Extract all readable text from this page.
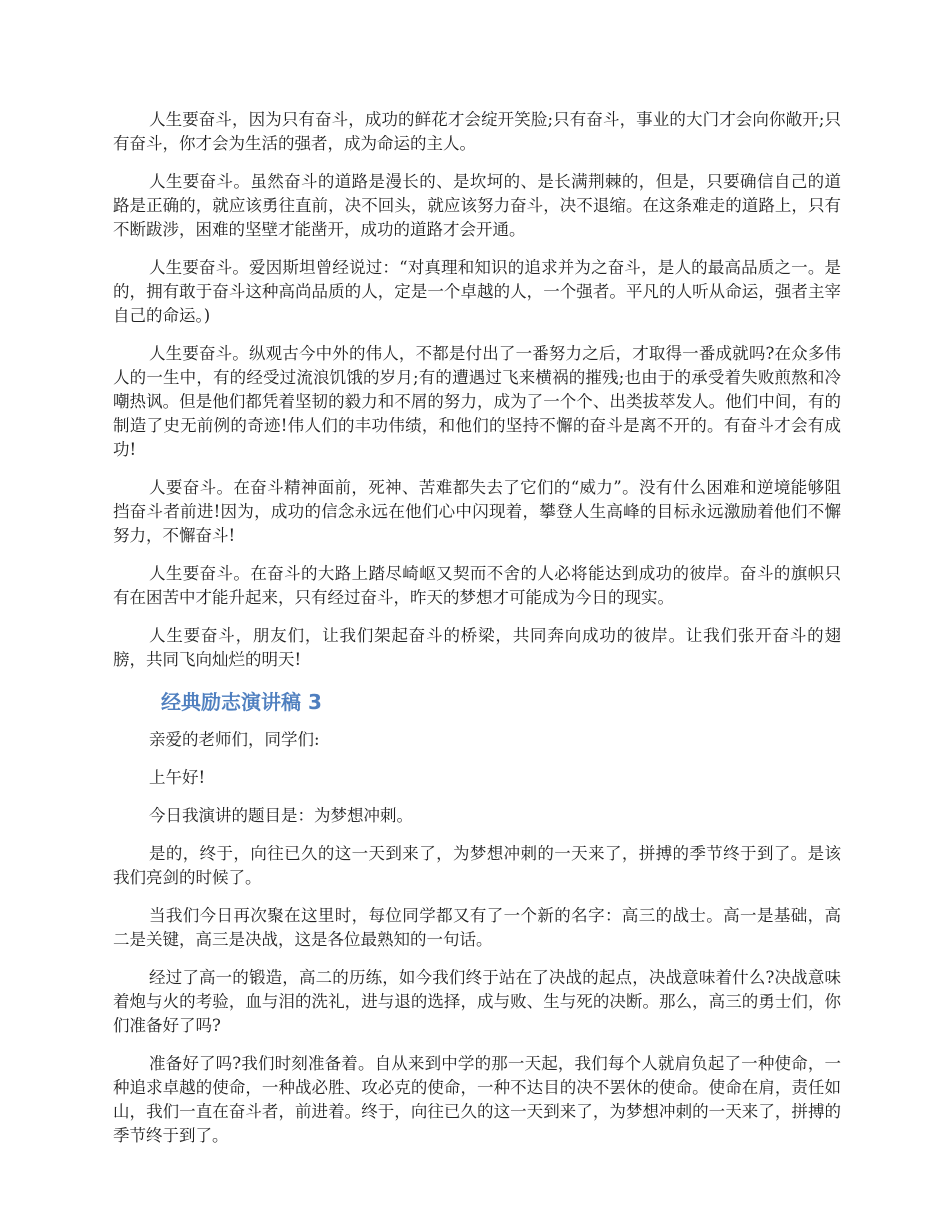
人生要奋斗，因为只有奋斗，成功的鲜花才会绽开笑脸;只有奋斗，事业的大门才会向你敞开;只有奋斗，你才会为生活的强者，成为命运的主人。

人生要奋斗。虽然奋斗的道路是漫长的、是坎坷的、是长满荆棘的，但是，只要确信自己的道路是正确的，就应该勇往直前，决不回头，就应该努力奋斗，决不退缩。在这条难走的道路上，只有不断跋涉，困难的坚壁才能凿开，成功的道路才会开通。

人生要奋斗。爱因斯坦曾经说过：“对真理和知识的追求并为之奋斗，是人的最高品质之一。是的，拥有敢于奋斗这种高尚品质的人，定是一个卓越的人，一个强者。平凡的人听从命运，强者主宰自己的命运。)

人生要奋斗。纵观古今中外的伟人，不都是付出了一番努力之后，才取得一番成就吗?在众多伟人的一生中，有的经受过流浪饥饿的岁月;有的遭遇过飞来横祸的摧残;也由于的承受着失败煎熬和冷嘲热讽。但是他们都凭着坚韧的毅力和不屑的努力，成为了一个个、出类拔萃发人。他们中间，有的制造了史无前例的奇迹!伟人们的丰功伟绩，和他们的坚持不懈的奋斗是离不开的。有奋斗才会有成功!

人要奋斗。在奋斗精神面前，死神、苦难都失去了它们的“威力”。没有什么困难和逆境能够阻挡奋斗者前进!因为，成功的信念永远在他们心中闪现着，攀登人生高峰的目标永远激励着他们不懈努力，不懈奋斗!

人生要奋斗。在奋斗的大路上踏尽崎岖又契而不舍的人必将能达到成功的彼岸。奋斗的旗帜只有在困苦中才能升起来，只有经过奋斗，昨天的梦想才可能成为今日的现实。

人生要奋斗，朋友们，让我们架起奋斗的桥梁，共同奔向成功的彼岸。让我们张开奋斗的翅膀，共同飞向灿烂的明天!

经典励志演讲稿 3

亲爱的老师们，同学们:

上午好!

今日我演讲的题目是：为梦想冲刺。

是的，终于，向往已久的这一天到来了，为梦想冲刺的一天来了，拼搏的季节终于到了。是该我们亮剑的时候了。

当我们今日再次聚在这里时，每位同学都又有了一个新的名字：高三的战士。高一是基础，高二是关键，高三是决战，这是各位最熟知的一句话。

经过了高一的锻造，高二的历练，如今我们终于站在了决战的起点，决战意味着什么?决战意味着炮与火的考验，血与泪的洗礼，进与退的选择，成与败、生与死的决断。那么，高三的勇士们，你们准备好了吗?

准备好了吗?我们时刻准备着。自从来到中学的那一天起，我们每个人就肩负起了一种使命，一种追求卓越的使命，一种战必胜、攻必克的使命，一种不达目的决不罢休的使命。使命在肩，责任如山，我们一直在奋斗者，前进着。终于，向往已久的这一天到来了，为梦想冲刺的一天来了，拼搏的季节终于到了。
